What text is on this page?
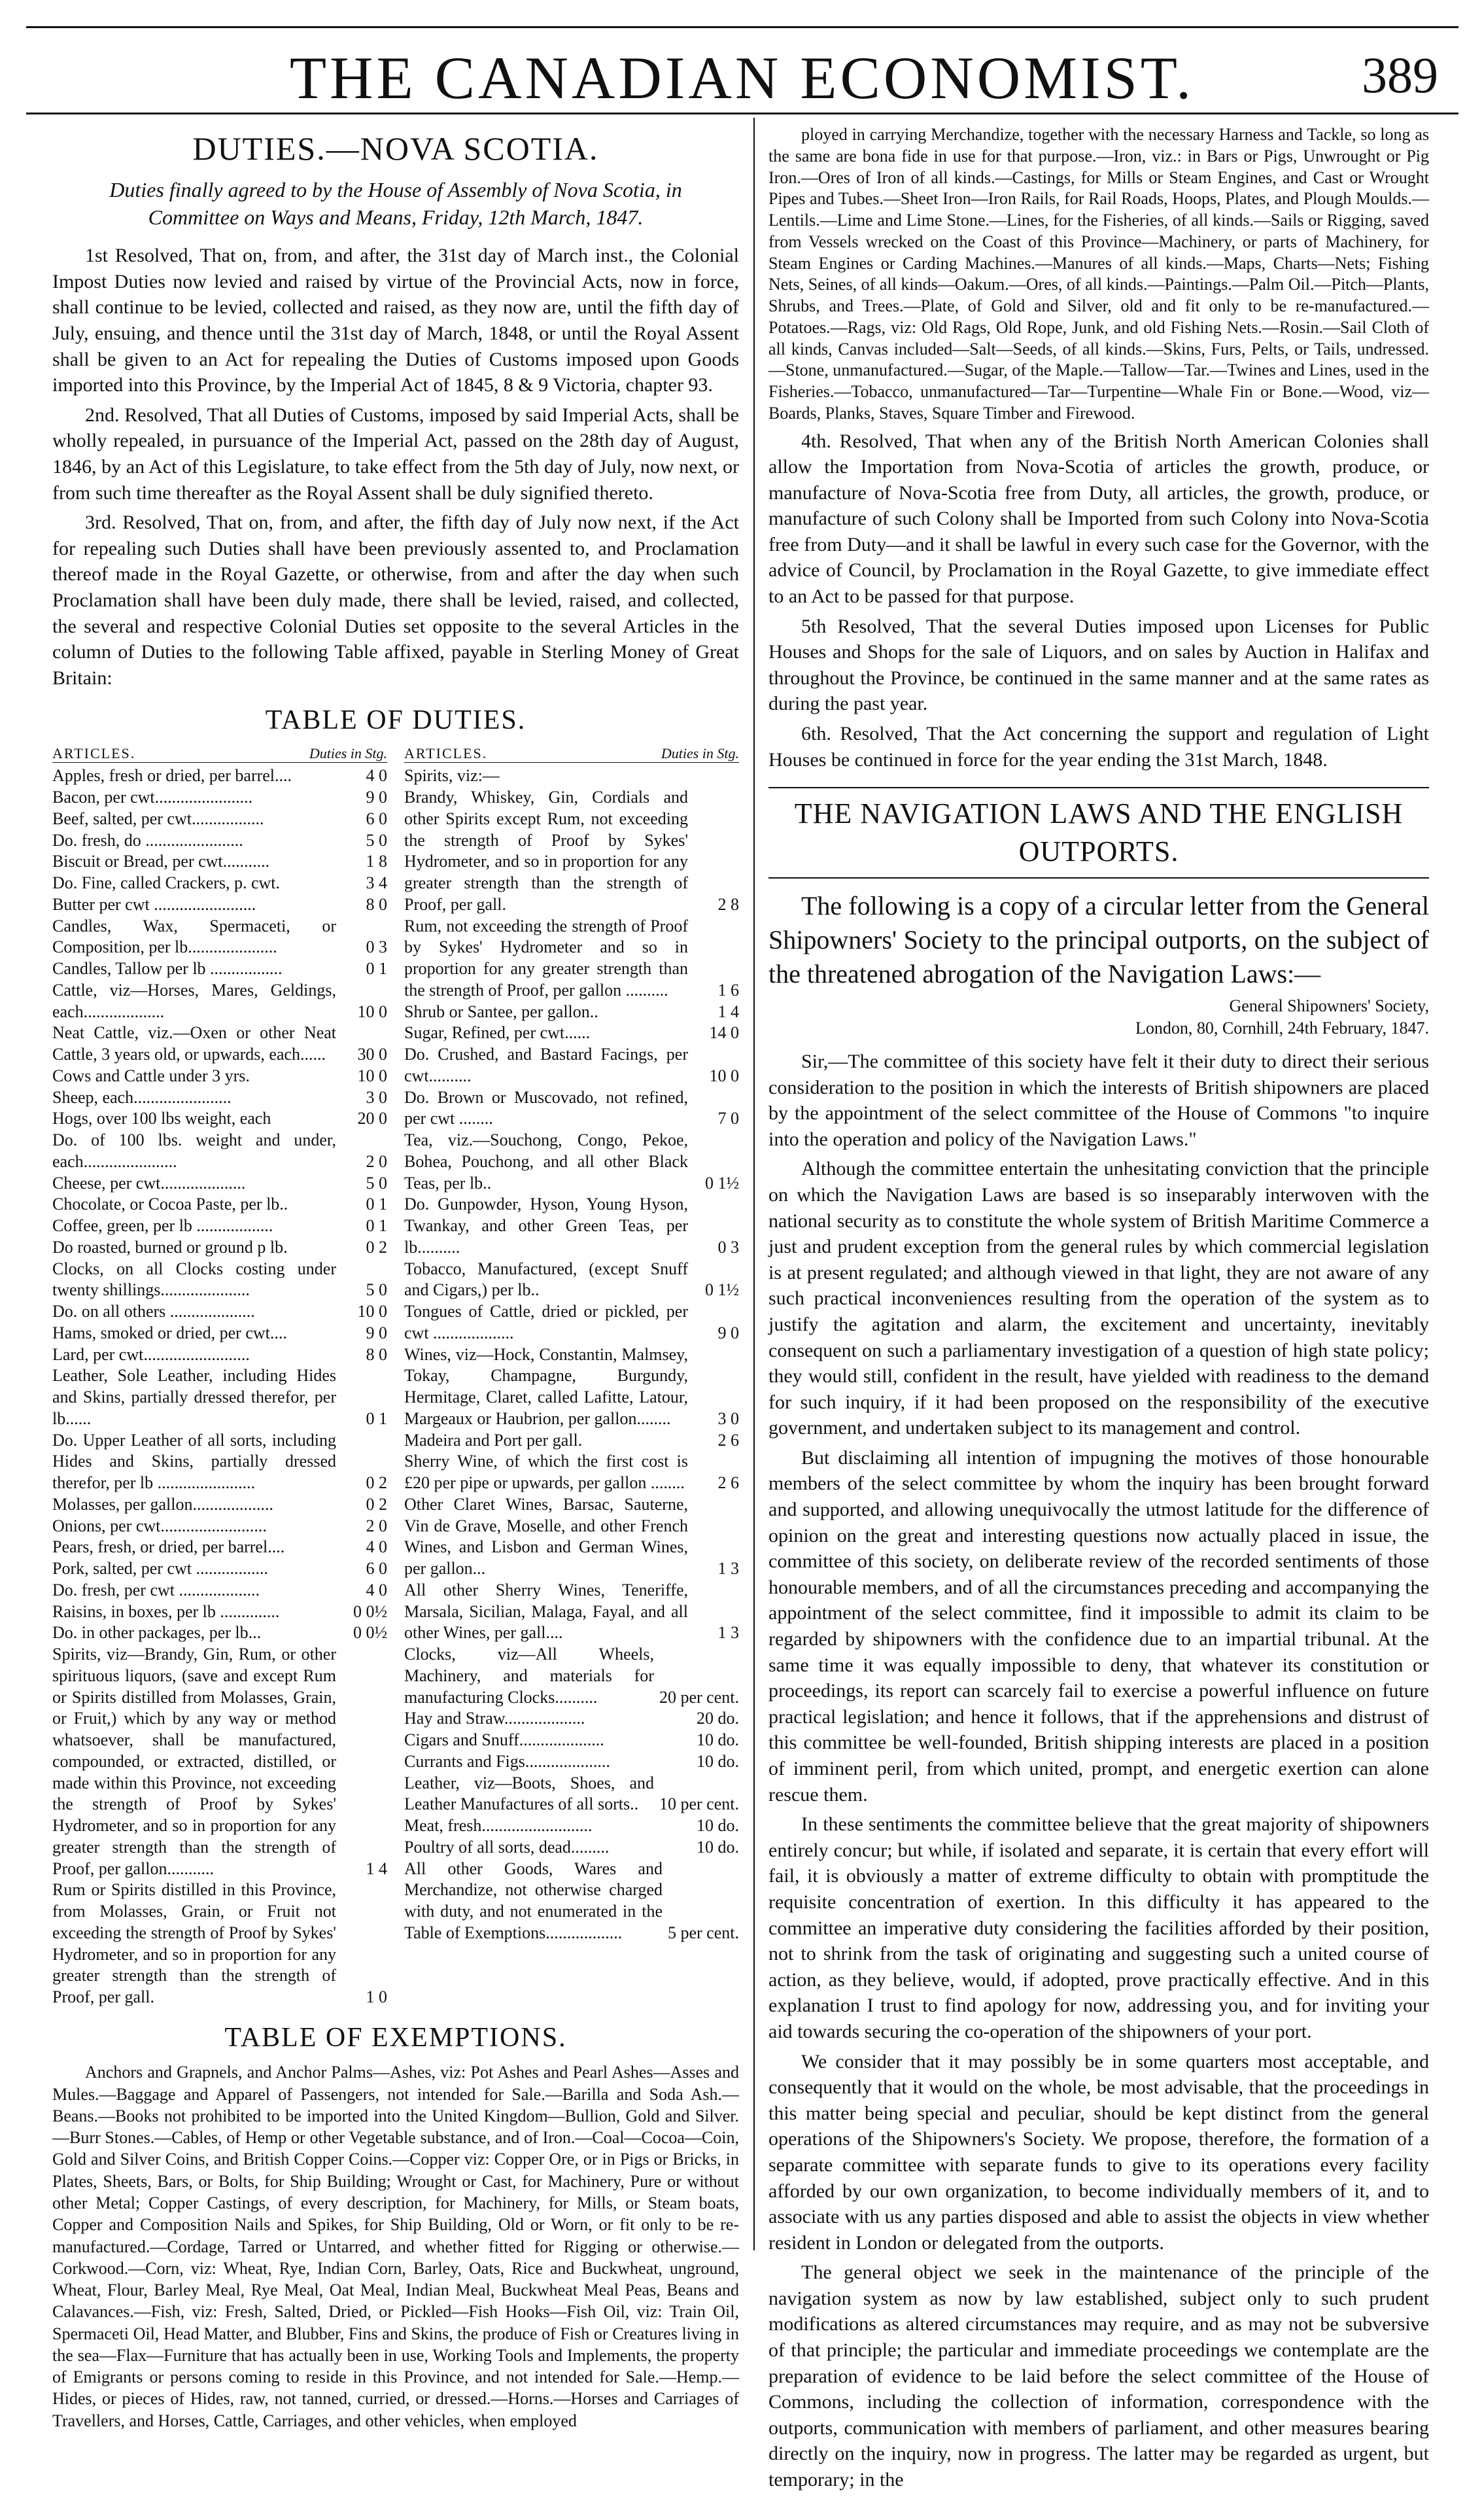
THE CANADIAN ECONOMIST.	389
DUTIES.—NOVA SCOTIA.
Duties finally agreed to by the House of Assembly of Nova Scotia, in Committee on Ways and Means, Friday, 12th March, 1847.

1st Resolved, That on, from, and after, the 31st day of March inst., the Colonial Impost Duties now levied and raised by virtue of the Provincial Acts, now in force, shall continue to be levied, collected and raised, as they now are, until the fifth day of July, ensuing, and thence until the 31st day of March, 1848, or until the Royal Assent shall be given to an Act for repealing the Duties of Customs imposed upon Goods imported into this Province, by the Imperial Act of 1845, 8 & 9 Victoria, chapter 93.

2nd. Resolved, That all Duties of Customs, imposed by said Imperial Acts, shall be wholly repealed, in pursuance of the Imperial Act, passed on the 28th day of August, 1846, by an Act of this Legislature, to take effect from the 5th day of July, now next, or from such time thereafter as the Royal Assent shall be duly signified thereto.

3rd. Resolved, That on, from, and after, the fifth day of July now next, if the Act for repealing such Duties shall have been previously assented to, and Proclamation thereof made in the Royal Gazette, or otherwise, from and after the day when such Proclamation shall have been duly made, there shall be levied, raised, and collected, the several and respective Colonial Duties set opposite to the several Articles in the column of Duties to the following Table affixed, payable in Sterling Money of Great Britain:

TABLE OF DUTIES.
ARTICLES.	Duties in Stg.
Apples, fresh or dried, per barrel....	4 0
Bacon, per cwt.......................	9 0
Beef, salted, per cwt.................	6 0
Do. fresh, do .......................	5 0
Biscuit or Bread, per cwt...........	1 8
Do. Fine, called Crackers, p. cwt.	3 4
Butter per cwt ........................	8 0
Candles, Wax, Spermaceti, or Composition, per lb.....................	0 3
Candles, Tallow per lb .................	0 1
Cattle, viz—Horses, Mares, Geldings, each...................	10 0
Neat Cattle, viz.—Oxen or other Neat Cattle, 3 years old, or upwards, each......	30 0
Cows and Cattle under 3 yrs.	10 0
Sheep, each.......................	3 0
Hogs, over 100 lbs weight, each	20 0
Do. of 100 lbs. weight and under, each......................	2 0
Cheese, per cwt....................	5 0
Chocolate, or Cocoa Paste, per lb..	0 1
Coffee, green, per lb ..................	0 1
Do roasted, burned or ground p lb.	0 2
Clocks, on all Clocks costing under twenty shillings.....................	5 0
Do. on all others ....................	10 0
Hams, smoked or dried, per cwt....	9 0
Lard, per cwt.........................	8 0
Leather, Sole Leather, including Hides and Skins, partially dressed therefor, per lb......	0 1
Do. Upper Leather of all sorts, including Hides and Skins, partially dressed therefor, per lb .......................	0 2
Molasses, per gallon...................	0 2
Onions, per cwt.........................	2 0
Pears, fresh, or dried, per barrel....	4 0
Pork, salted, per cwt .................	6 0
Do. fresh, per cwt ...................	4 0
Raisins, in boxes, per lb ..............	0 0½
Do. in other packages, per lb...	0 0½
Spirits, viz—Brandy, Gin, Rum, or other spirituous liquors, (save and except Rum or Spirits distilled from Molasses, Grain, or Fruit,) which by any way or method whatsoever, shall be manufactured, compounded, or extracted, distilled, or made within this Province, not exceeding the strength of Proof by Sykes' Hydrometer, and so in proportion for any greater strength than the strength of Proof, per gallon...........	1 4
Rum or Spirits distilled in this Province, from Molasses, Grain, or Fruit not exceeding the strength of Proof by Sykes' Hydrometer, and so in proportion for any greater strength than the strength of Proof, per gall.	1 0
ARTICLES.	Duties in Stg.
Spirits, viz:—
Brandy, Whiskey, Gin, Cordials and other Spirits except Rum, not exceeding the strength of Proof by Sykes' Hydrometer, and so in proportion for any greater strength than the strength of Proof, per gall.	2 8
Rum, not exceeding the strength of Proof by Sykes' Hydrometer and so in proportion for any greater strength than the strength of Proof, per gallon ..........	1 6
Shrub or Santee, per gallon..	1 4
Sugar, Refined, per cwt......	14 0
Do. Crushed, and Bastard Facings, per cwt..........	10 0
Do. Brown or Muscovado, not refined, per cwt ........	7 0
Tea, viz.—Souchong, Congo, Pekoe, Bohea, Pouchong, and all other Black Teas, per lb..	0 1½
Do. Gunpowder, Hyson, Young Hyson, Twankay, and other Green Teas, per lb..........	0 3
Tobacco, Manufactured, (except Snuff and Cigars,) per lb..	0 1½
Tongues of Cattle, dried or pickled, per cwt ...................	9 0
Wines, viz—Hock, Constantin, Malmsey, Tokay, Champagne, Burgundy, Hermitage, Claret, called Lafitte, Latour, Margeaux or Haubrion, per gallon........	3 0
Madeira and Port per gall.	2 6
Sherry Wine, of which the first cost is £20 per pipe or upwards, per gallon ........	2 6
Other Claret Wines, Barsac, Sauterne, Vin de Grave, Moselle, and other French Wines, and Lisbon and German Wines, per gallon...	1 3
All other Sherry Wines, Teneriffe, Marsala, Sicilian, Malaga, Fayal, and all other Wines, per gall....	1 3
Clocks, viz—All Wheels, Machinery, and materials for manufacturing Clocks..........	20 per cent.
Hay and Straw...................	20 do.
Cigars and Snuff....................	10 do.
Currants and Figs....................	10 do.
Leather, viz—Boots, Shoes, and Leather Manufactures of all sorts..	10 per cent.
Meat, fresh..........................	10 do.
Poultry of all sorts, dead.........	10 do.
All other Goods, Wares and Merchandize, not otherwise charged with duty, and not enumerated in the Table of Exemptions..................	5 per cent.
TABLE OF EXEMPTIONS.

Anchors and Grapnels, and Anchor Palms—Ashes, viz: Pot Ashes and Pearl Ashes—Asses and Mules.—Baggage and Apparel of Passengers, not intended for Sale.—Barilla and Soda Ash.—Beans.—Books not prohibited to be imported into the United Kingdom—Bullion, Gold and Silver.—Burr Stones.—Cables, of Hemp or other Vegetable substance, and of Iron.—Coal—Cocoa—Coin, Gold and Silver Coins, and British Copper Coins.—Copper viz: Copper Ore, or in Pigs or Bricks, in Plates, Sheets, Bars, or Bolts, for Ship Building; Wrought or Cast, for Machinery, Pure or without other Metal; Copper Castings, of every description, for Machinery, for Mills, or Steam boats, Copper and Composition Nails and Spikes, for Ship Building, Old or Worn, or fit only to be re-manufactured.—Cordage, Tarred or Untarred, and whether fitted for Rigging or otherwise.—Corkwood.—Corn, viz: Wheat, Rye, Indian Corn, Barley, Oats, Rice and Buckwheat, unground, Wheat, Flour, Barley Meal, Rye Meal, Oat Meal, Indian Meal, Buckwheat Meal Peas, Beans and Calavances.—Fish, viz: Fresh, Salted, Dried, or Pickled—Fish Hooks—Fish Oil, viz: Train Oil, Spermaceti Oil, Head Matter, and Blubber, Fins and Skins, the produce of Fish or Creatures living in the sea—Flax—Furniture that has actually been in use, Working Tools and Implements, the property of Emigrants or persons coming to reside in this Province, and not intended for Sale.—Hemp.—Hides, or pieces of Hides, raw, not tanned, curried, or dressed.—Horns.—Horses and Carriages of Travellers, and Horses, Cattle, Carriages, and other vehicles, when employed

ployed in carrying Merchandize, together with the necessary Harness and Tackle, so long as the same are bona fide in use for that purpose.—Iron, viz.: in Bars or Pigs, Unwrought or Pig Iron.—Ores of Iron of all kinds.—Castings, for Mills or Steam Engines, and Cast or Wrought Pipes and Tubes.—Sheet Iron—Iron Rails, for Rail Roads, Hoops, Plates, and Plough Moulds.—Lentils.—Lime and Lime Stone.—Lines, for the Fisheries, of all kinds.—Sails or Rigging, saved from Vessels wrecked on the Coast of this Province—Machinery, or parts of Machinery, for Steam Engines or Carding Machines.—Manures of all kinds.—Maps, Charts—Nets; Fishing Nets, Seines, of all kinds—Oakum.—Ores, of all kinds.—Paintings.—Palm Oil.—Pitch—Plants, Shrubs, and Trees.—Plate, of Gold and Silver, old and fit only to be re-manufactured.—Potatoes.—Rags, viz: Old Rags, Old Rope, Junk, and old Fishing Nets.—Rosin.—Sail Cloth of all kinds, Canvas included—Salt—Seeds, of all kinds.—Skins, Furs, Pelts, or Tails, undressed.—Stone, unmanufactured.—Sugar, of the Maple.—Tallow—Tar.—Twines and Lines, used in the Fisheries.—Tobacco, unmanufactured—Tar—Turpentine—Whale Fin or Bone.—Wood, viz—Boards, Planks, Staves, Square Timber and Firewood.

4th. Resolved, That when any of the British North American Colonies shall allow the Importation from Nova-Scotia of articles the growth, produce, or manufacture of Nova-Scotia free from Duty, all articles, the growth, produce, or manufacture of such Colony shall be Imported from such Colony into Nova-Scotia free from Duty—and it shall be lawful in every such case for the Governor, with the advice of Council, by Proclamation in the Royal Gazette, to give immediate effect to an Act to be passed for that purpose.

5th Resolved, That the several Duties imposed upon Licenses for Public Houses and Shops for the sale of Liquors, and on sales by Auction in Halifax and throughout the Province, be continued in the same manner and at the same rates as during the past year.

6th. Resolved, That the Act concerning the support and regulation of Light Houses be continued in force for the year ending the 31st March, 1848.

THE NAVIGATION LAWS AND THE ENGLISH OUTPORTS.

The following is a copy of a circular letter from the General Shipowners' Society to the principal outports, on the subject of the threatened abrogation of the Navigation Laws:—

General Shipowners' Society,
London, 80, Cornhill, 24th February, 1847.

Sir,—The committee of this society have felt it their duty to direct their serious consideration to the position in which the interests of British shipowners are placed by the appointment of the select committee of the House of Commons "to inquire into the operation and policy of the Navigation Laws."

Although the committee entertain the unhesitating conviction that the principle on which the Navigation Laws are based is so inseparably interwoven with the national security as to constitute the whole system of British Maritime Commerce a just and prudent exception from the general rules by which commercial legislation is at present regulated; and although viewed in that light, they are not aware of any such practical inconveniences resulting from the operation of the system as to justify the agitation and alarm, the excitement and uncertainty, inevitably consequent on such a parliamentary investigation of a question of high state policy; they would still, confident in the result, have yielded with readiness to the demand for such inquiry, if it had been proposed on the responsibility of the executive government, and undertaken subject to its management and control.

But disclaiming all intention of impugning the motives of those honourable members of the select committee by whom the inquiry has been brought forward and supported, and allowing unequivocally the utmost latitude for the difference of opinion on the great and interesting questions now actually placed in issue, the committee of this society, on deliberate review of the recorded sentiments of those honourable members, and of all the circumstances preceding and accompanying the appointment of the select committee, find it impossible to admit its claim to be regarded by shipowners with the confidence due to an impartial tribunal. At the same time it was equally impossible to deny, that whatever its constitution or proceedings, its report can scarcely fail to exercise a powerful influence on future practical legislation; and hence it follows, that if the apprehensions and distrust of this committee be well-founded, British shipping interests are placed in a position of imminent peril, from which united, prompt, and energetic exertion can alone rescue them.

In these sentiments the committee believe that the great majority of shipowners entirely concur; but while, if isolated and separate, it is certain that every effort will fail, it is obviously a matter of extreme difficulty to obtain with promptitude the requisite concentration of exertion. In this difficulty it has appeared to the committee an imperative duty considering the facilities afforded by their position, not to shrink from the task of originating and suggesting such a united course of action, as they believe, would, if adopted, prove practically effective. And in this explanation I trust to find apology for now, addressing you, and for inviting your aid towards securing the co-operation of the shipowners of your port.

We consider that it may possibly be in some quarters most acceptable, and consequently that it would on the whole, be most advisable, that the proceedings in this matter being special and peculiar, should be kept distinct from the general operations of the Shipowners's Society. We propose, therefore, the formation of a separate committee with separate funds to give to its operations every facility afforded by our own organization, to become individually members of it, and to associate with us any parties disposed and able to assist the objects in view whether resident in London or delegated from the outports.

The general object we seek in the maintenance of the principle of the navigation system as now by law established, subject only to such prudent modifications as altered circumstances may require, and as may not be subversive of that principle; the particular and immediate proceedings we contemplate are the preparation of evidence to be laid before the select committee of the House of Commons, including the collection of information, correspondence with the outports, communication with members of parliament, and other measures bearing directly on the inquiry, now in progress. The latter may be regarded as urgent, but temporary; in the
